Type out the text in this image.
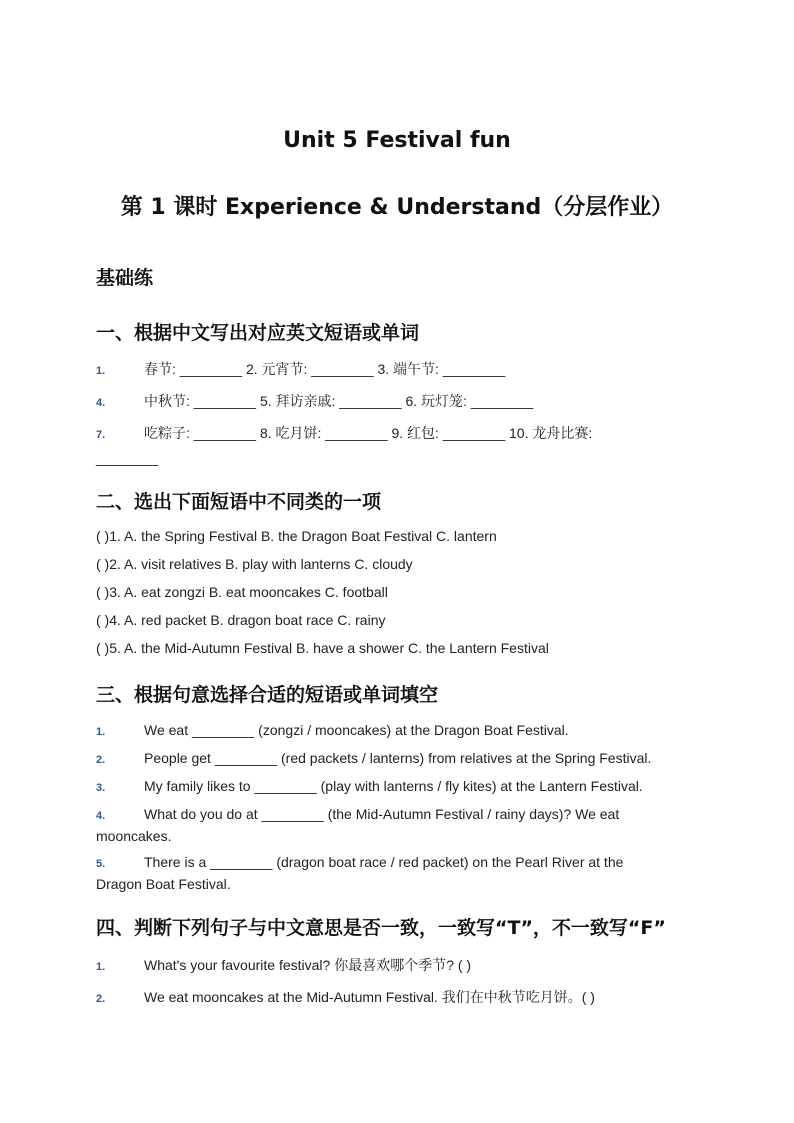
Unit 5 Festival fun
第 1 课时 Experience & Understand（分层作业）
基础练
一、根据中文写出对应英文短语或单词
1.	春节: ________ 2. 元宵节: ________ 3. 端午节: ________
4.	中秋节: ________ 5. 拜访亲戚: ________ 6. 玩灯笼: ________
7.	吃粽子: ________ 8. 吃月饼: ________ 9. 红包: ________ 10. 龙舟比赛:
________
二、选出下面短语中不同类的一项
( )1. A. the Spring Festival B. the Dragon Boat Festival C. lantern
( )2. A. visit relatives B. play with lanterns C. cloudy
( )3. A. eat zongzi B. eat mooncakes C. football
( )4. A. red packet B. dragon boat race C. rainy
( )5. A. the Mid-Autumn Festival B. have a shower C. the Lantern Festival
三、根据句意选择合适的短语或单词填空
1.	We eat ________ (zongzi / mooncakes) at the Dragon Boat Festival.
2.	People get ________ (red packets / lanterns) from relatives at the Spring Festival.
3.	My family likes to ________ (play with lanterns / fly kites) at the Lantern Festival.
4.	What do you do at ________ (the Mid-Autumn Festival / rainy days)? We eat mooncakes.
5.	There is a ________ (dragon boat race / red packet) on the Pearl River at the Dragon Boat Festival.
四、判断下列句子与中文意思是否一致，一致写“T”，不一致写“F”
1.	What's your favourite festival? 你最喜欢哪个季节? ( )
2.	We eat mooncakes at the Mid-Autumn Festival. 我们在中秋节吃月饼。( )
